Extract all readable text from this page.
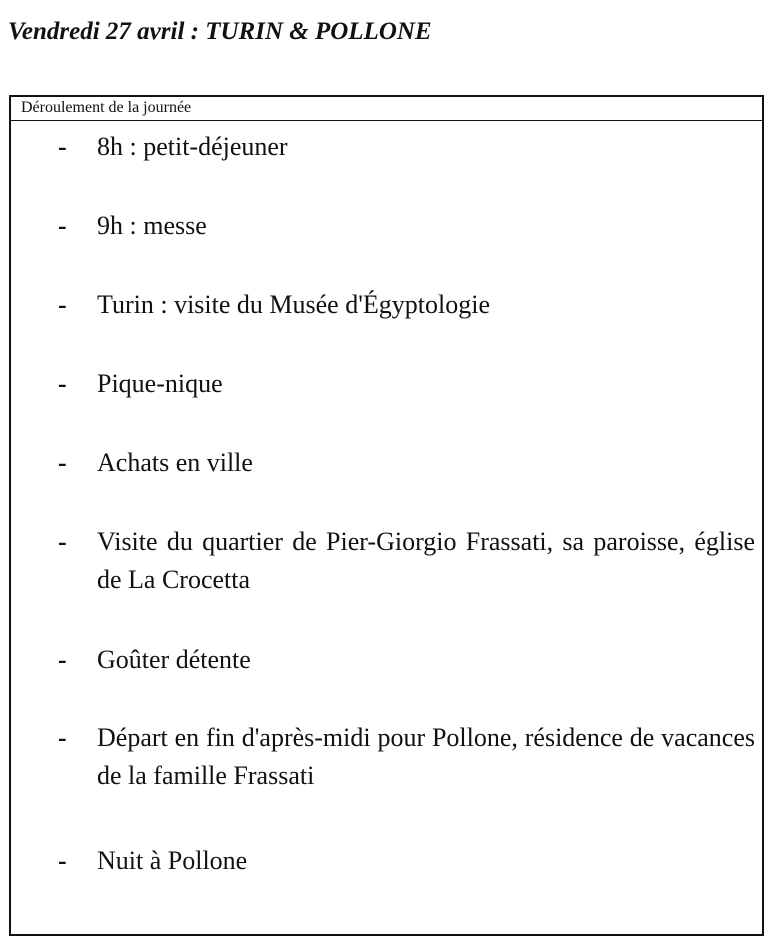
Vendredi 27 avril : TURIN & POLLONE
Déroulement de la journée
- 8h : petit-déjeuner
- 9h : messe
- Turin : visite du Musée d'Égyptologie
- Pique-nique
- Achats en ville
- Visite du quartier de Pier-Giorgio Frassati, sa paroisse, église de La Crocetta
- Goûter détente
- Départ en fin d'après-midi pour Pollone, résidence de vacances de la famille Frassati
- Nuit à Pollone
